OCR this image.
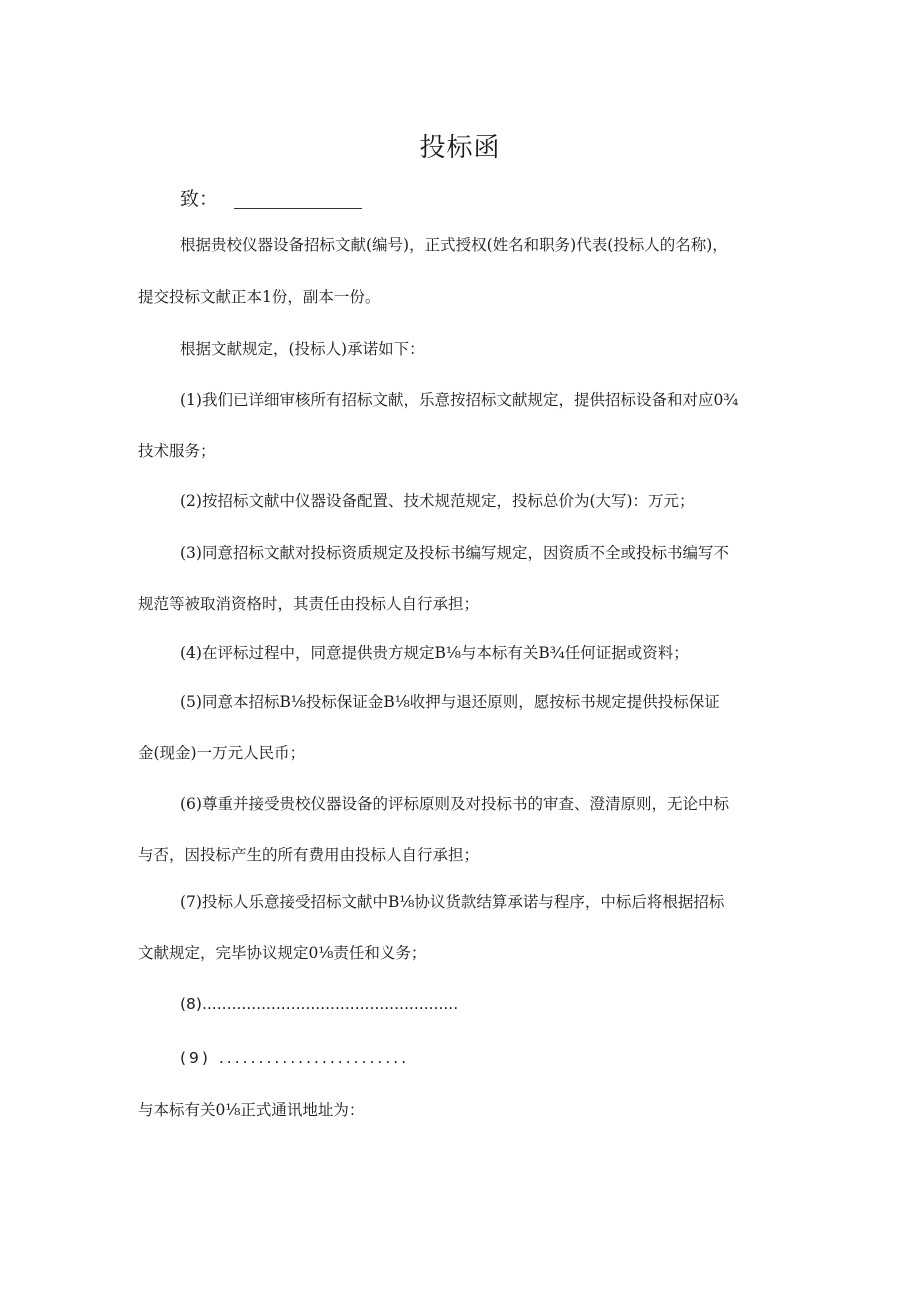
投标函
致：
根据贵校仪器设备招标文献(编号)，正式授权(姓名和职务)代表(投标人的名称)，
提交投标文献正本1份，副本一份。
根据文献规定，(投标人)承诺如下：
(1)我们已详细审核所有招标文献，乐意按招标文献规定，提供招标设备和对应0¾
技术服务；
(2)按招标文献中仪器设备配置、技术规范规定，投标总价为(大写)：万元；
(3)同意招标文献对投标资质规定及投标书编写规定，因资质不全或投标书编写不
规范等被取消资格时，其责任由投标人自行承担；
(4)在评标过程中，同意提供贵方规定B⅛与本标有关B¾任何证据或资料；
(5)同意本招标B⅛投标保证金B⅛收押与退还原则，愿按标书规定提供投标保证
金(现金)一万元人民币；
(6)尊重并接受贵校仪器设备的评标原则及对投标书的审查、澄清原则，无论中标
与否，因投标产生的所有费用由投标人自行承担；
(7)投标人乐意接受招标文献中B⅛协议货款结算承诺与程序，中标后将根据招标
文献规定，完毕协议规定0⅛责任和义务；
(8)....................................................
(9) ........................
与本标有关0⅛正式通讯地址为：
